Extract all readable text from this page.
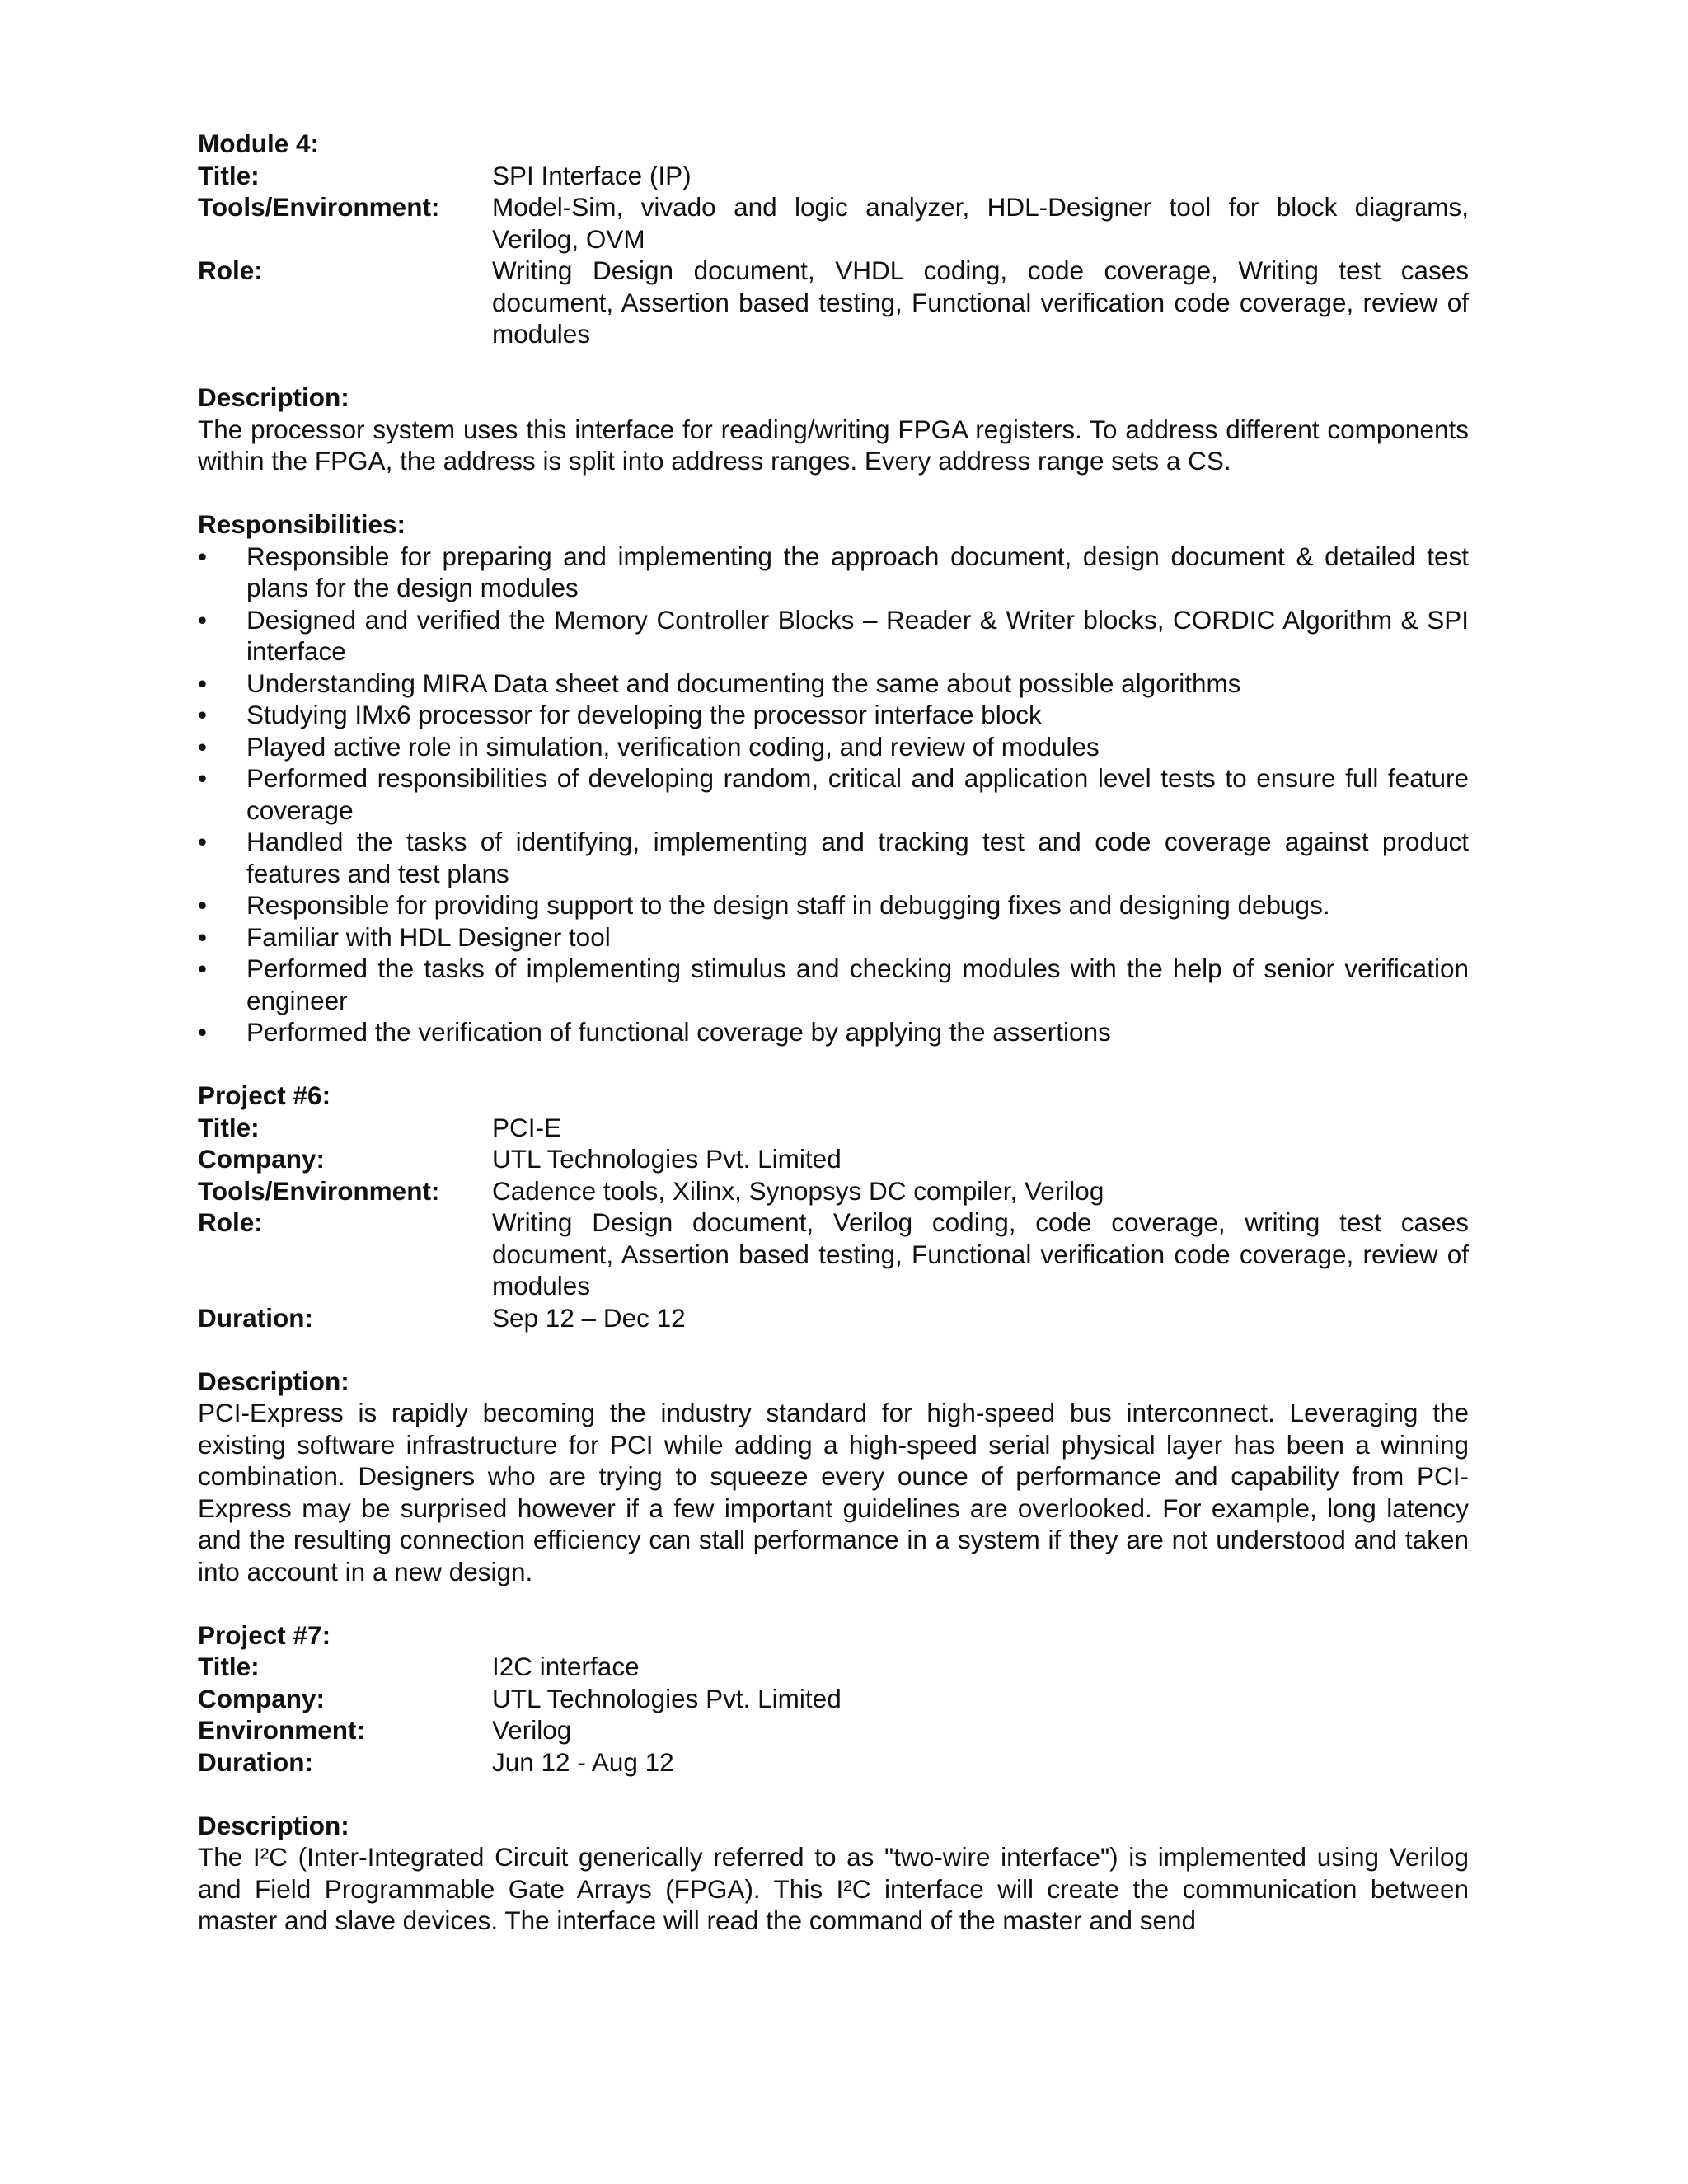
Module 4:
Title:	SPI Interface (IP)
Tools/Environment:	Model-Sim, vivado and logic analyzer, HDL-Designer tool for block diagrams, Verilog, OVM
Role:	Writing Design document, VHDL coding, code coverage, Writing test cases document, Assertion based testing, Functional verification code coverage, review of modules
Description:
The processor system uses this interface for reading/writing FPGA registers. To address different components within the FPGA, the address is split into address ranges. Every address range sets a CS.
Responsibilities:
• Responsible for preparing and implementing the approach document, design document & detailed test plans for the design modules
• Designed and verified the Memory Controller Blocks – Reader & Writer blocks, CORDIC Algorithm & SPI interface
• Understanding MIRA Data sheet and documenting the same about possible algorithms
• Studying IMx6 processor for developing the processor interface block
• Played active role in simulation, verification coding, and review of modules
• Performed responsibilities of developing random, critical and application level tests to ensure full feature coverage
• Handled the tasks of identifying, implementing and tracking test and code coverage against product features and test plans
• Responsible for providing support to the design staff in debugging fixes and designing debugs.
• Familiar with HDL Designer tool
• Performed the tasks of implementing stimulus and checking modules with the help of senior verification engineer
• Performed the verification of functional coverage by applying the assertions
Project #6:
Title:	PCI-E
Company:	UTL Technologies Pvt. Limited
Tools/Environment:	Cadence tools, Xilinx, Synopsys DC compiler, Verilog
Role:	Writing Design document, Verilog coding, code coverage, writing test cases document, Assertion based testing, Functional verification code coverage, review of modules
Duration:	Sep 12 – Dec 12
Description:
PCI-Express is rapidly becoming the industry standard for high-speed bus interconnect. Leveraging the existing software infrastructure for PCI while adding a high-speed serial physical layer has been a winning combination. Designers who are trying to squeeze every ounce of performance and capability from PCI-Express may be surprised however if a few important guidelines are overlooked. For example, long latency and the resulting connection efficiency can stall performance in a system if they are not understood and taken into account in a new design.
Project #7:
Title:	I2C interface
Company:	UTL Technologies Pvt. Limited
Environment:	Verilog
Duration:	Jun 12 - Aug 12
Description:
The I²C (Inter-Integrated Circuit generically referred to as "two-wire interface") is implemented using Verilog and Field Programmable Gate Arrays (FPGA). This I²C interface will create the communication between master and slave devices. The interface will read the command of the master and send
